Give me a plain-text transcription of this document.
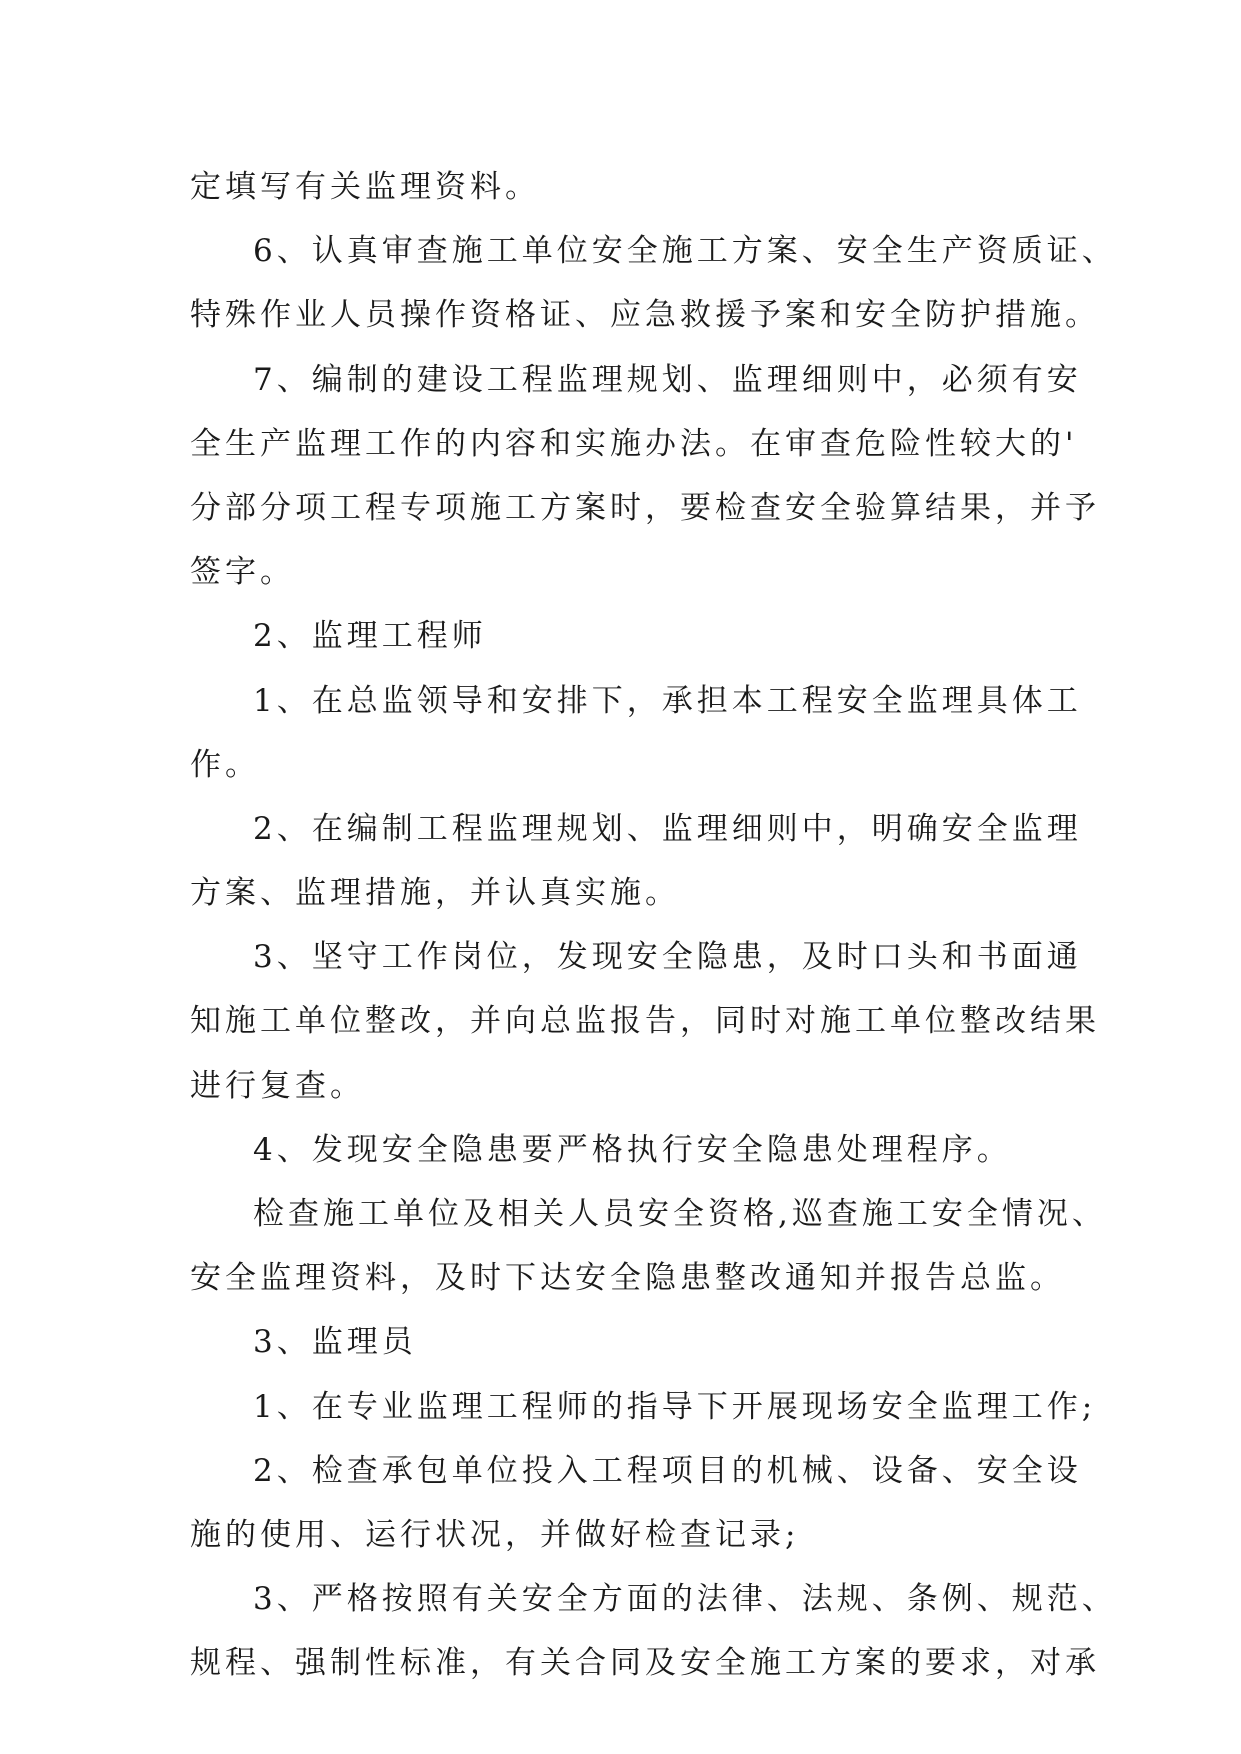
定填写有关监理资料。
6、认真审查施工单位安全施工方案、安全生产资质证、
特殊作业人员操作资格证、应急救援予案和安全防护措施。
7、编制的建设工程监理规划、监理细则中，必须有安
全生产监理工作的内容和实施办法。在审查危险性较大的'
分部分项工程专项施工方案时，要检查安全验算结果，并予
签字。
2、监理工程师
1、在总监领导和安排下，承担本工程安全监理具体工
作。
2、在编制工程监理规划、监理细则中，明确安全监理
方案、监理措施，并认真实施。
3、坚守工作岗位，发现安全隐患，及时口头和书面通
知施工单位整改，并向总监报告，同时对施工单位整改结果
进行复查。
4、发现安全隐患要严格执行安全隐患处理程序。
检查施工单位及相关人员安全资格,巡查施工安全情况、
安全监理资料，及时下达安全隐患整改通知并报告总监。
3、监理员
1、在专业监理工程师的指导下开展现场安全监理工作;
2、检查承包单位投入工程项目的机械、设备、安全设
施的使用、运行状况，并做好检查记录;
3、严格按照有关安全方面的法律、法规、条例、规范、
规程、强制性标准，有关合同及安全施工方案的要求，对承
